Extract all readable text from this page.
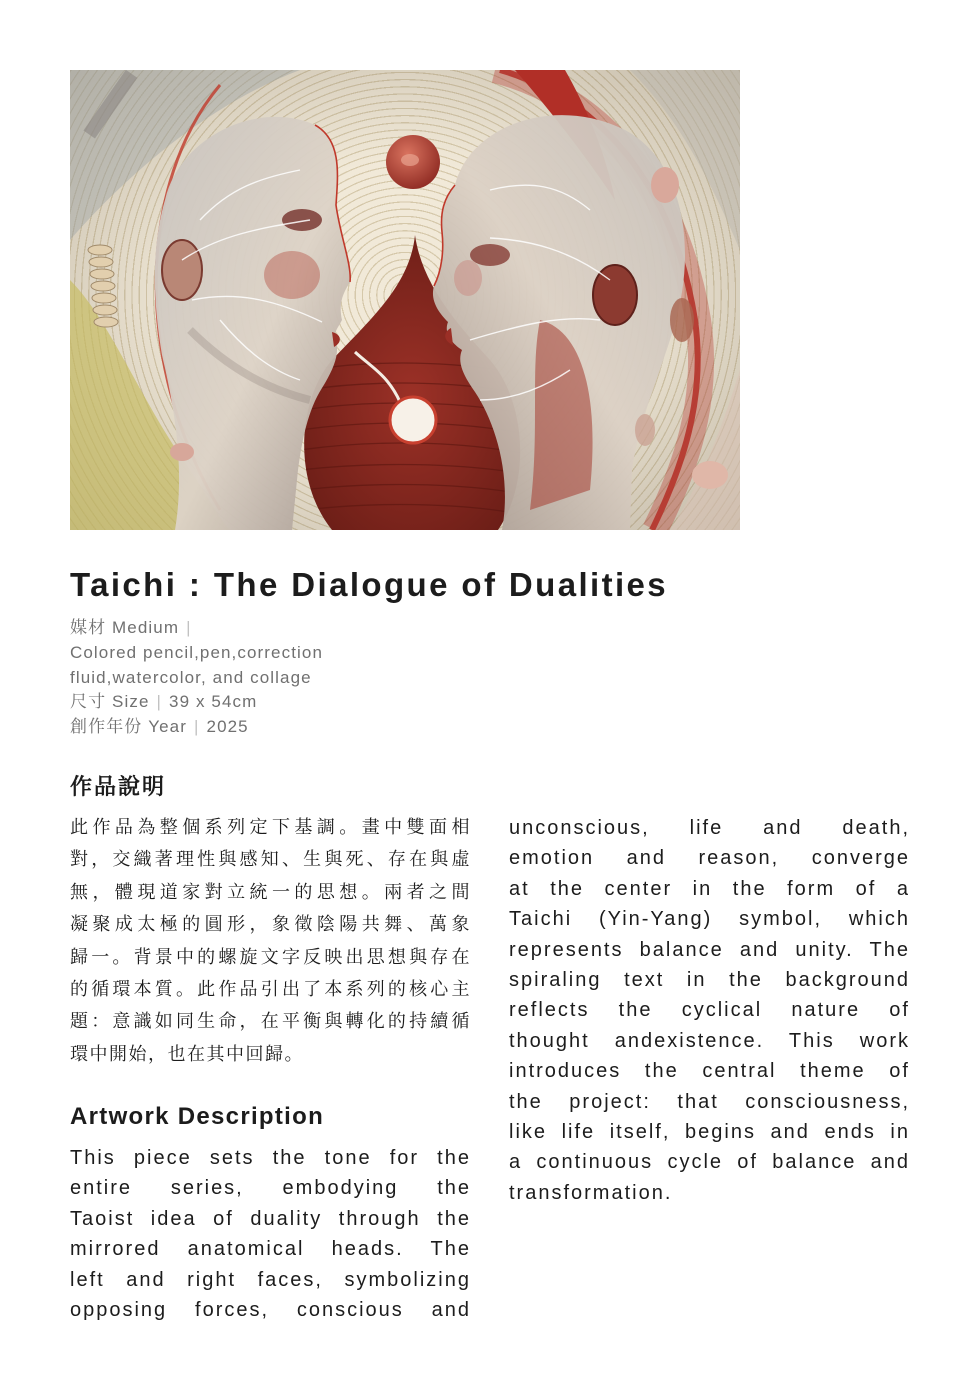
Taichi : The Dialogue of Dualities
媒材 Medium |
Colored pencil,pen,correction
fluid,watercolor, and collage
尺寸 Size | 39 x 54cm
創作年份 Year | 2025
作品說明
此作品為整個系列定下基調。畫中雙面相
對，交織著理性與感知、生與死、存在與虛
無，體現道家對立統一的思想。兩者之間
凝聚成太極的圓形，象徵陰陽共舞、萬象
歸一。背景中的螺旋文字反映出思想與存在
的循環本質。此作品引出了本系列的核心主
題：意識如同生命，在平衡與轉化的持續循
環中開始，也在其中回歸。
Artwork Description
This piece sets the tone for the
entire series, embodying the
Taoist idea of duality through the
mirrored anatomical heads. The
left and right faces, symbolizing
opposing forces, conscious and
unconscious, life and death,
emotion and reason, converge
at the center in the form of a
Taichi (Yin-Yang) symbol, which
represents balance and unity. The
spiraling text in the background
reflects the cyclical nature of
thought andexistence. This work
introduces the central theme of
the project: that consciousness,
like life itself, begins and ends in
a continuous cycle of balance and
transformation.
